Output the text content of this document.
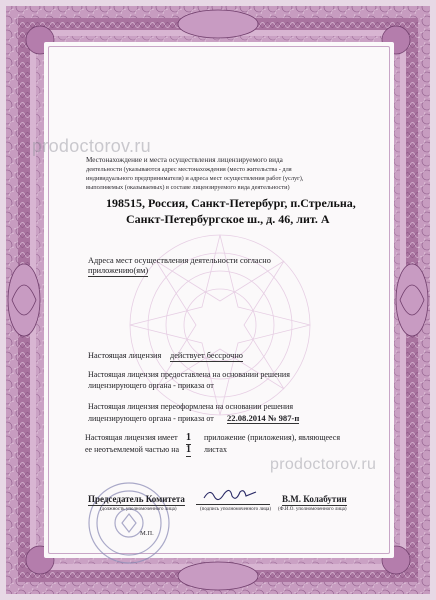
prodoctorov.ru
prodoctorov.ru
Местонахождение и места осуществления лицензируемого вида
деятельности (указываются адрес местонахождения (место жительства - для
индивидуального предпринимателя) и адреса мест осуществления работ (услуг),
выполняемых (оказываемых) в составе лицензируемого вида деятельности)
198515, Россия, Санкт-Петербург, п.Стрельна,
Санкт-Петербургское ш., д. 46, лит. А
Адреса мест осуществления деятельности согласно
приложению(ям)
Настоящая лицензия действует бессрочно
Настоящая лицензия предоставлена на основании решения
лицензирующего органа - приказа от
Настоящая лицензия переоформлена на основании решения
лицензирующего органа - приказа от 22.08.2014 № 987-п
Настоящая лицензия имеет 1 приложение (приложения), являющееся
ее неотъемлемой частью на 1 листах
Председатель Комитета
(должность уполномоченного лица)	(подпись уполномоченного лица)
В.М. Колабутин
(Ф.И.О. уполномоченного лица)
М.П.
